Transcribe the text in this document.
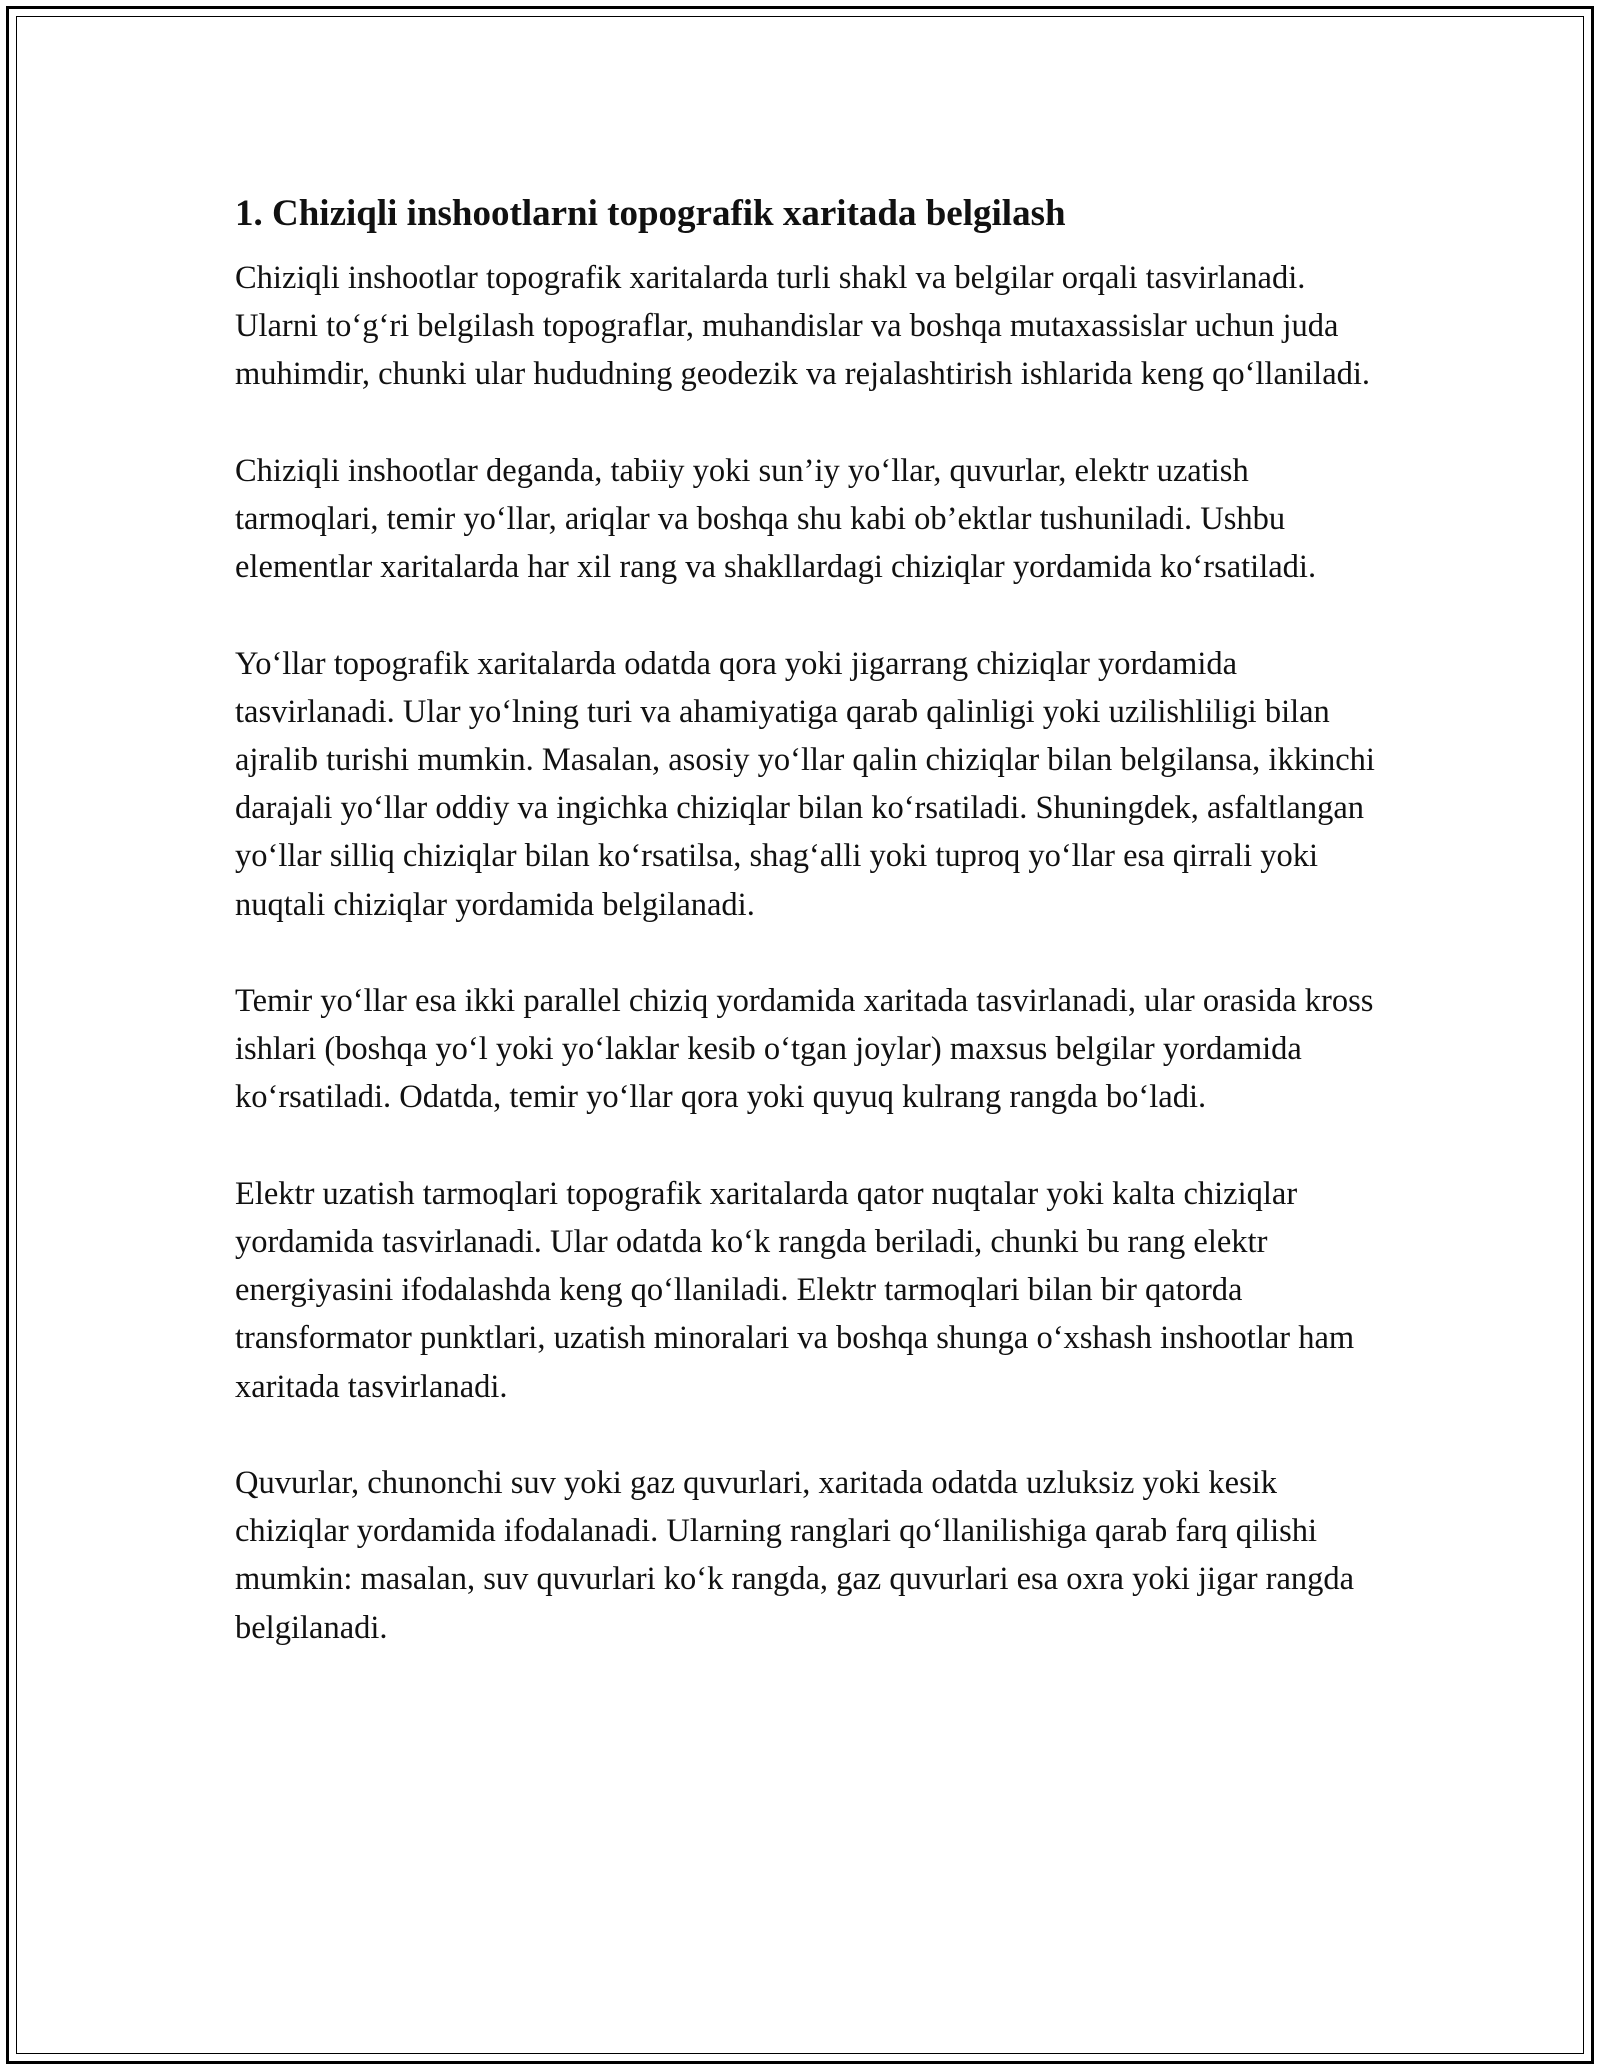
1. Chiziqli inshootlarni topografik xaritada belgilash

Chiziqli inshootlar topografik xaritalarda turli shakl va belgilar orqali tasvirlanadi. Ularni to‘g‘ri belgilash topograflar, muhandislar va boshqa mutaxassislar uchun juda muhimdir, chunki ular hududning geodezik va rejalashtirish ishlarida keng qo‘llaniladi.

Chiziqli inshootlar deganda, tabiiy yoki sun’iy yo‘llar, quvurlar, elektr uzatish tarmoqlari, temir yo‘llar, ariqlar va boshqa shu kabi ob’ektlar tushuniladi. Ushbu elementlar xaritalarda har xil rang va shakllardagi chiziqlar yordamida ko‘rsatiladi.

Yo‘llar topografik xaritalarda odatda qora yoki jigarrang chiziqlar yordamida tasvirlanadi. Ular yo‘lning turi va ahamiyatiga qarab qalinligi yoki uzilishliligi bilan ajralib turishi mumkin. Masalan, asosiy yo‘llar qalin chiziqlar bilan belgilansa, ikkinchi darajali yo‘llar oddiy va ingichka chiziqlar bilan ko‘rsatiladi. Shuningdek, asfaltlangan yo‘llar silliq chiziqlar bilan ko‘rsatilsa, shag‘alli yoki tuproq yo‘llar esa qirrali yoki nuqtali chiziqlar yordamida belgilanadi.

Temir yo‘llar esa ikki parallel chiziq yordamida xaritada tasvirlanadi, ular orasida kross ishlari (boshqa yo‘l yoki yo‘laklar kesib o‘tgan joylar) maxsus belgilar yordamida ko‘rsatiladi. Odatda, temir yo‘llar qora yoki quyuq kulrang rangda bo‘ladi.

Elektr uzatish tarmoqlari topografik xaritalarda qator nuqtalar yoki kalta chiziqlar yordamida tasvirlanadi. Ular odatda ko‘k rangda beriladi, chunki bu rang elektr energiyasini ifodalashda keng qo‘llaniladi. Elektr tarmoqlari bilan bir qatorda transformator punktlari, uzatish minoralari va boshqa shunga o‘xshash inshootlar ham xaritada tasvirlanadi.

Quvurlar, chunonchi suv yoki gaz quvurlari, xaritada odatda uzluksiz yoki kesik chiziqlar yordamida ifodalanadi. Ularning ranglari qo‘llanilishiga qarab farq qilishi mumkin: masalan, suv quvurlari ko‘k rangda, gaz quvurlari esa oxra yoki jigar rangda belgilanadi.
